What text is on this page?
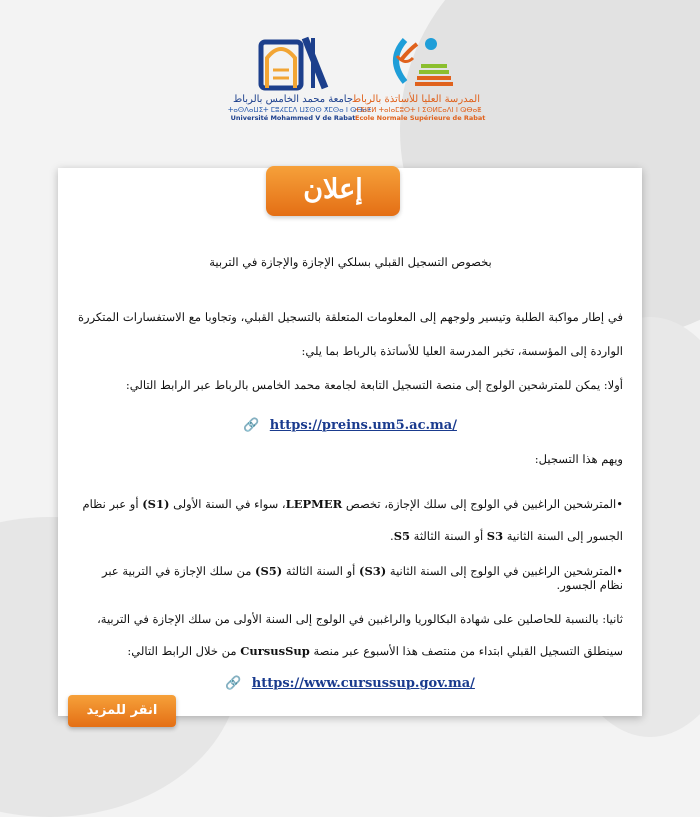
جامعة محمد الخامس بالرباط
ⵜⴰⵙⴷⴰⵡⵉⵜ ⵎⵓⵃⵎⵎⴷ ⵡⵉⵙⵙ ⵅⵎⵙⴰ ⵏ ⵕⴱⴰⵟ
Université Mohammed V de Rabat
المدرسة العليا للأساتذة بالرباط
ⵜⵉⵏⵎⵍ ⵜⴰⵏⴰⵎⵓⵔⵜ ⵏ ⵉⵙⵍⵎⴰⴷⵏ ⵏ ⵕⴱⴰⵟ
Ecole Normale Supérieure de Rabat
إعلان
بخصوص التسجيل القبلي بسلكي الإجازة والإجازة في التربية
في إطار مواكبة الطلبة وتيسير ولوجهم إلى المعلومات المتعلقة بالتسجيل القبلي، وتجاوبا مع الاستفسارات المتكررة الواردة إلى المؤسسة، تخبر المدرسة العليا للأساتذة بالرباط بما يلي:
أولا: يمكن للمترشحين الولوج إلى منصة التسجيل التابعة لجامعة محمد الخامس بالرباط عبر الرابط التالي:
🔗 https://preins.um5.ac.ma/
ويهم هذا التسجيل:
•المترشحين الراغبين في الولوج إلى سلك الإجازة، تخصص LEPMER، سواء في السنة الأولى (S1) أو عبر نظام الجسور إلى السنة الثانية S3 أو السنة الثالثة S5.
•المترشحين الراغبين في الولوج إلى السنة الثانية (S3) أو السنة الثالثة (S5) من سلك الإجازة في التربية عبر نظام الجسور.
ثانيا: بالنسبة للحاصلين على شهادة البكالوريا والراغبين في الولوج إلى السنة الأولى من سلك الإجازة في التربية، سينطلق التسجيل القبلي ابتداء من منتصف هذا الأسبوع عبر منصة CursusSup من خلال الرابط التالي:
🔗 https://www.cursussup.gov.ma/
انقر للمزيد
